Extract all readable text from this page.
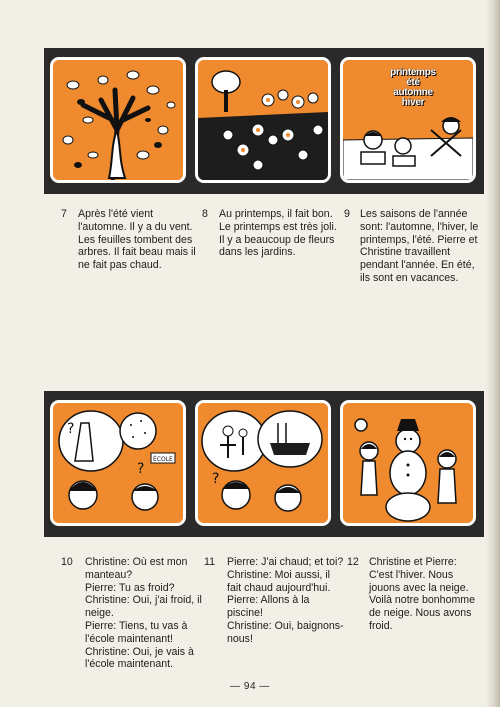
printemps
été
automne
hiver
7 Après l'été vient l'automne. Il y a du vent. Les feuilles tombent des arbres. Il fait beau mais il ne fait pas chaud.
8 Au printemps, il fait bon. Le printemps est très joli. Il y a beaucoup de fleurs dans les jardins.
9 Les saisons de l'année sont: l'automne, l'hiver, le printemps, l'été. Pierre et Christine travaillent pendant l'année. En été, ils sont en vacances.
?
ÉCOLE
?
?
10 Christine: Où est mon manteau?
Pierre: Tu as froid?
Christine: Oui, j'ai froid, il neige.
Pierre: Tiens, tu vas à l'école maintenant!
Christine: Oui, je vais à l'école maintenant.
11 Pierre: J'ai chaud; et toi?
Christine: Moi aussi, il fait chaud aujourd'hui.
Pierre: Allons à la piscine!
Christine: Oui, baignons-nous!
12 Christine et Pierre: C'est l'hiver. Nous jouons avec la neige. Voilà notre bonhomme de neige. Nous avons froid.
— 94 —
